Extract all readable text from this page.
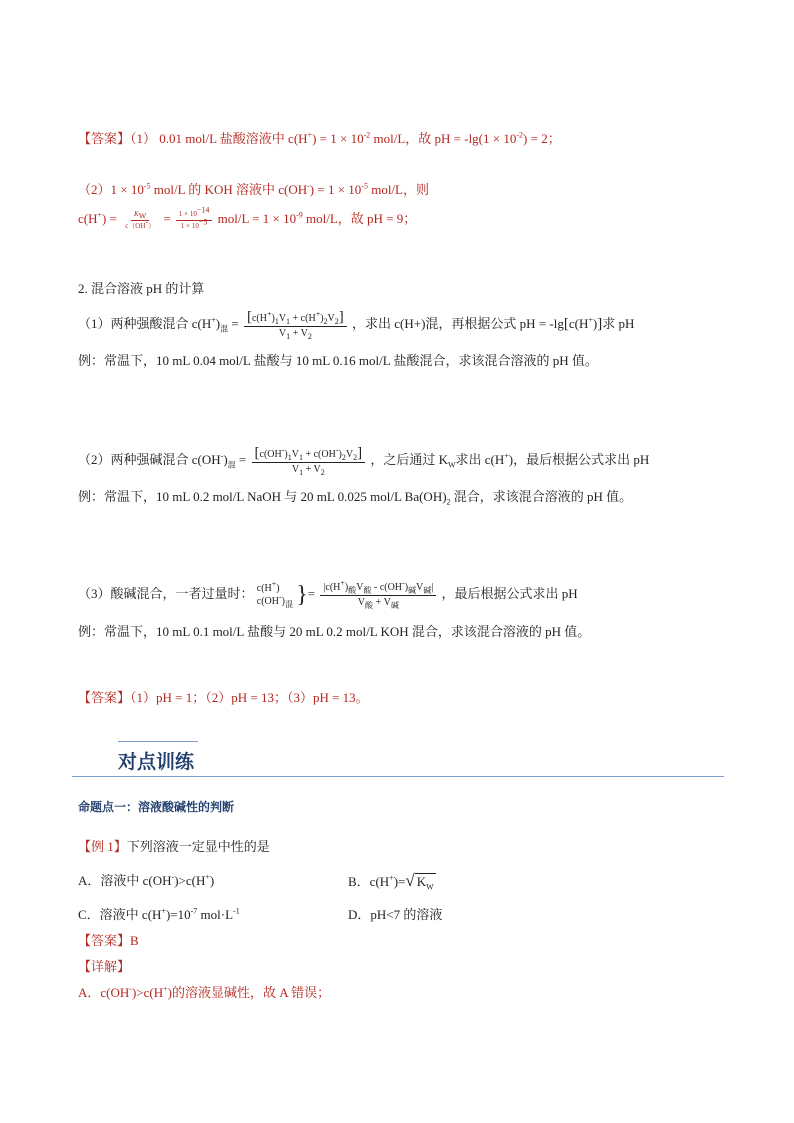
【答案】（1） 0.01 mol/L 盐酸溶液中 $c(H^+) = 1 \times 10^{-2}$ mol/L，故 pH = $-\lg(1 \times 10^{-2}) = 2$；
$(2)1 \times 10^{-5}$ mol/L 的 KOH 溶液中 $c(OH^-) = 1 \times 10^{-5}$ mol/L，则
$c(H^+) = \frac{KW}{c(OH-)} = \frac{1 \times 10-14}{1 \times 10-5} mol/L = 1 \times 10^{-9}$ mol/L，故 pH = 9；
2. 混合溶液 pH 的计算
（1）两种强酸混合 $c(H^+)_混 = \frac{[c(H^+)_1V_1 + c(H^+)_2V_2]}{V_1 + V_2}$ ，求出 c(H+)混，再根据公式 pH = -lg[c(H+)]求 pH
例：常温下，10 mL 0.04 mol/L 盐酸与 10 mL 0.16 mol/L 盐酸混合，求该混合溶液的 pH 值。
（2）两种强碱混合 $c(OH^-)_混 = \frac{[c(OH^-)_1V_1 + c(OH^-)_2V_2]}{V_1 + V_2}$ ，之后通过 $K_W$求出 c(H+)，最后根据公式求出 pH
例：常温下，10 mL 0.2 mol/L NaOH 与 20 mL 0.025 mol/L $Ba(OH)_2$ 混合，求该混合溶液的 pH 值。
（3）酸碱混合，一者过量时： c(H+)
$c(OH^-)_混$ }= $\frac{|c(H^+)_酸V_酸 - c(OH^-)_碱V_碱|}{V_酸 + V_碱}$ ，最后根据公式求出 pH
例：常温下，10 mL 0.1 mol/L 盐酸与 20 mL 0.2 mol/L KOH 混合，求该混合溶液的 pH 值。
【答案】（1）pH = 1；（2）pH = 13；（3）pH = 13。
对点训练
命题点一：溶液酸碱性的判断
【例 1】下列溶液一定显中性的是
A．溶液中 c(OH-)>c(H+)	B．c(H+)=√ $K_W$
C．溶液中 $c(H^+)=10^{-7}$ $mol\cdot L^{-1}$	D．pH<7 的溶液
【答案】B
【详解】
A．c(OH-)>c(H+)的溶液显碱性，故 A 错误；
